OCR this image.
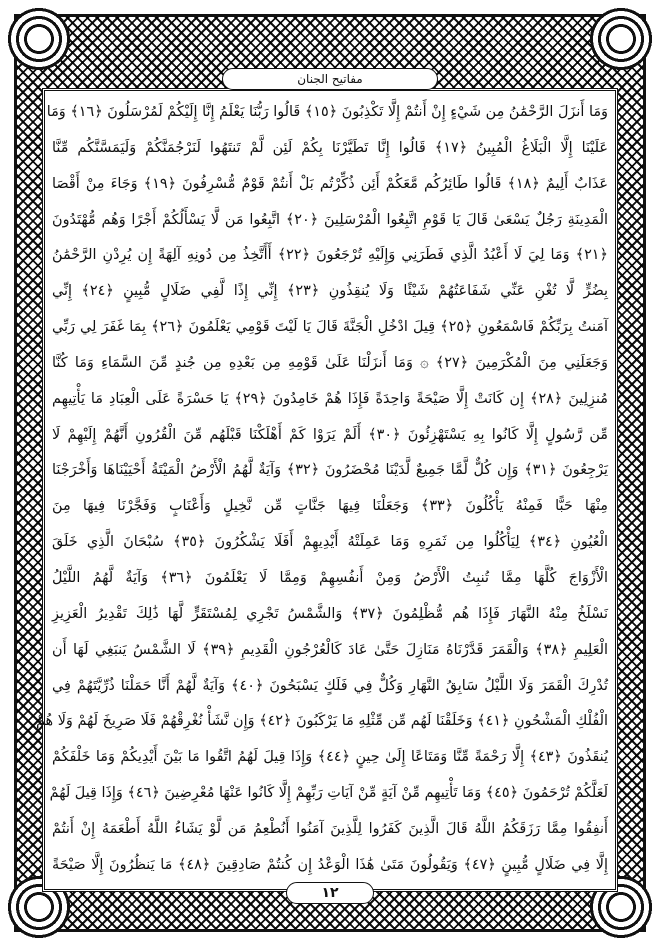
مفاتيح الجنان
وَمَا أَنزَلَ الرَّحْمَٰنُ مِن شَيْءٍ إِنْ أَنتُمْ إِلَّا تَكْذِبُونَ ﴿١٥﴾ قَالُوا رَبُّنَا يَعْلَمُ إِنَّا إِلَيْكُمْ لَمُرْسَلُونَ ﴿١٦﴾ وَمَا
عَلَيْنَا إِلَّا الْبَلَاغُ الْمُبِينُ ﴿١٧﴾ قَالُوا إِنَّا تَطَيَّرْنَا بِكُمْ لَئِن لَّمْ تَنتَهُوا لَنَرْجُمَنَّكُمْ وَلَيَمَسَّنَّكُم مِّنَّا
عَذَابٌ أَلِيمٌ ﴿١٨﴾ قَالُوا طَائِرُكُم مَّعَكُمْ أَئِن ذُكِّرْتُم بَلْ أَنتُمْ قَوْمٌ مُّسْرِفُونَ ﴿١٩﴾ وَجَاءَ مِنْ أَقْصَا
الْمَدِينَةِ رَجُلٌ يَسْعَىٰ قَالَ يَا قَوْمِ اتَّبِعُوا الْمُرْسَلِينَ ﴿٢٠﴾ اتَّبِعُوا مَن لَّا يَسْأَلُكُمْ أَجْرًا وَهُم مُّهْتَدُونَ
﴿٢١﴾ وَمَا لِيَ لَا أَعْبُدُ الَّذِي فَطَرَنِي وَإِلَيْهِ تُرْجَعُونَ ﴿٢٢﴾ أَأَتَّخِذُ مِن دُونِهِ آلِهَةً إِن يُرِدْنِ الرَّحْمَٰنُ
بِضُرٍّ لَّا تُغْنِ عَنِّي شَفَاعَتُهُمْ شَيْئًا وَلَا يُنقِذُونِ ﴿٢٣﴾ إِنِّي إِذًا لَّفِي ضَلَالٍ مُّبِينٍ ﴿٢٤﴾ إِنِّي
آمَنتُ بِرَبِّكُمْ فَاسْمَعُونِ ﴿٢٥﴾ قِيلَ ادْخُلِ الْجَنَّةَ قَالَ يَا لَيْتَ قَوْمِي يَعْلَمُونَ ﴿٢٦﴾ بِمَا غَفَرَ لِي رَبِّي
وَجَعَلَنِي مِنَ الْمُكْرَمِينَ ﴿٢٧﴾ ۞ وَمَا أَنزَلْنَا عَلَىٰ قَوْمِهِ مِن بَعْدِهِ مِن جُندٍ مِّنَ السَّمَاءِ وَمَا كُنَّا
مُنزِلِينَ ﴿٢٨﴾ إِن كَانَتْ إِلَّا صَيْحَةً وَاحِدَةً فَإِذَا هُمْ خَامِدُونَ ﴿٢٩﴾ يَا حَسْرَةً عَلَى الْعِبَادِ مَا يَأْتِيهِم
مِّن رَّسُولٍ إِلَّا كَانُوا بِهِ يَسْتَهْزِئُونَ ﴿٣٠﴾ أَلَمْ يَرَوْا كَمْ أَهْلَكْنَا قَبْلَهُم مِّنَ الْقُرُونِ أَنَّهُمْ إِلَيْهِمْ لَا
يَرْجِعُونَ ﴿٣١﴾ وَإِن كُلٌّ لَّمَّا جَمِيعٌ لَّدَيْنَا مُحْضَرُونَ ﴿٣٢﴾ وَآيَةٌ لَّهُمُ الْأَرْضُ الْمَيْتَةُ أَحْيَيْنَاهَا وَأَخْرَجْنَا
مِنْهَا حَبًّا فَمِنْهُ يَأْكُلُونَ ﴿٣٣﴾ وَجَعَلْنَا فِيهَا جَنَّاتٍ مِّن نَّخِيلٍ وَأَعْنَابٍ وَفَجَّرْنَا فِيهَا مِنَ
الْعُيُونِ ﴿٣٤﴾ لِيَأْكُلُوا مِن ثَمَرِهِ وَمَا عَمِلَتْهُ أَيْدِيهِمْ أَفَلَا يَشْكُرُونَ ﴿٣٥﴾ سُبْحَانَ الَّذِي خَلَقَ
الْأَزْوَاجَ كُلَّهَا مِمَّا تُنبِتُ الْأَرْضُ وَمِنْ أَنفُسِهِمْ وَمِمَّا لَا يَعْلَمُونَ ﴿٣٦﴾ وَآيَةٌ لَّهُمُ اللَّيْلُ
نَسْلَخُ مِنْهُ النَّهَارَ فَإِذَا هُم مُّظْلِمُونَ ﴿٣٧﴾ وَالشَّمْسُ تَجْرِي لِمُسْتَقَرٍّ لَّهَا ذَٰلِكَ تَقْدِيرُ الْعَزِيزِ
الْعَلِيمِ ﴿٣٨﴾ وَالْقَمَرَ قَدَّرْنَاهُ مَنَازِلَ حَتَّىٰ عَادَ كَالْعُرْجُونِ الْقَدِيمِ ﴿٣٩﴾ لَا الشَّمْسُ يَنبَغِي لَهَا أَن
تُدْرِكَ الْقَمَرَ وَلَا اللَّيْلُ سَابِقُ النَّهَارِ وَكُلٌّ فِي فَلَكٍ يَسْبَحُونَ ﴿٤٠﴾ وَآيَةٌ لَّهُمْ أَنَّا حَمَلْنَا ذُرِّيَّتَهُمْ فِي
الْفُلْكِ الْمَشْحُونِ ﴿٤١﴾ وَخَلَقْنَا لَهُم مِّن مِّثْلِهِ مَا يَرْكَبُونَ ﴿٤٢﴾ وَإِن نَّشَأْ نُغْرِقْهُمْ فَلَا صَرِيخَ لَهُمْ وَلَا هُمْ
يُنقَذُونَ ﴿٤٣﴾ إِلَّا رَحْمَةً مِّنَّا وَمَتَاعًا إِلَىٰ حِينٍ ﴿٤٤﴾ وَإِذَا قِيلَ لَهُمُ اتَّقُوا مَا بَيْنَ أَيْدِيكُمْ وَمَا خَلْفَكُمْ
لَعَلَّكُمْ تُرْحَمُونَ ﴿٤٥﴾ وَمَا تَأْتِيهِم مِّنْ آيَةٍ مِّنْ آيَاتِ رَبِّهِمْ إِلَّا كَانُوا عَنْهَا مُعْرِضِينَ ﴿٤٦﴾ وَإِذَا قِيلَ لَهُمْ
أَنفِقُوا مِمَّا رَزَقَكُمُ اللَّهُ قَالَ الَّذِينَ كَفَرُوا لِلَّذِينَ آمَنُوا أَنُطْعِمُ مَن لَّوْ يَشَاءُ اللَّهُ أَطْعَمَهُ إِنْ أَنتُمْ
إِلَّا فِي ضَلَالٍ مُّبِينٍ ﴿٤٧﴾ وَيَقُولُونَ مَتَىٰ هَٰذَا الْوَعْدُ إِن كُنتُمْ صَادِقِينَ ﴿٤٨﴾ مَا يَنظُرُونَ إِلَّا صَيْحَةً
١٢
